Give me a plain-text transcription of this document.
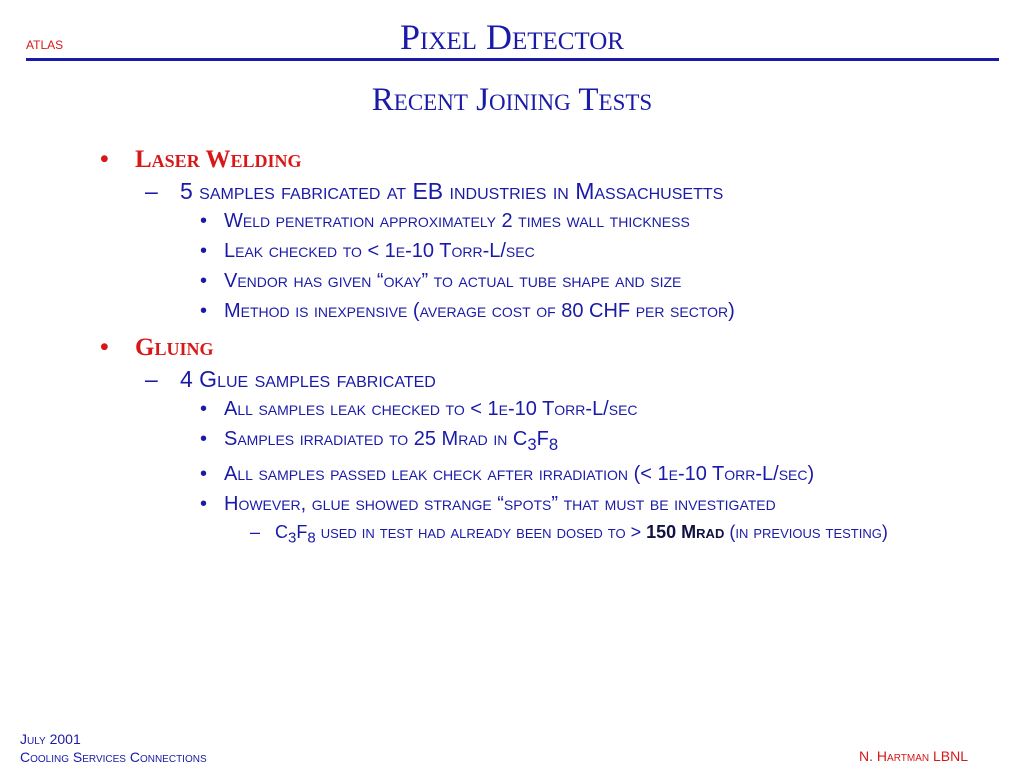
atlas	Pixel Detector
Recent Joining Tests
• Laser Welding
– 5 samples fabricated at EB industries in Massachusetts
• Weld penetration approximately 2 times wall thickness
• Leak checked to < 1e-10 Torr-L/sec
• Vendor has given “okay” to actual tube shape and size
• Method is inexpensive (average cost of 80 CHF per sector)
• Gluing
– 4 Glue samples fabricated
• All samples leak checked to < 1e-10 Torr-L/sec
• Samples irradiated to 25 Mrad in $C_3F_8$
• All samples passed leak check after irradiation (< 1e-10 Torr-L/sec)
• However, glue showed strange “spots” that must be investigated
– $C_3F_8$ used in test had already been dosed to > 150 Mrad (in previous testing)
July 2001
Cooling Services Connections	N. Hartman LBNL
